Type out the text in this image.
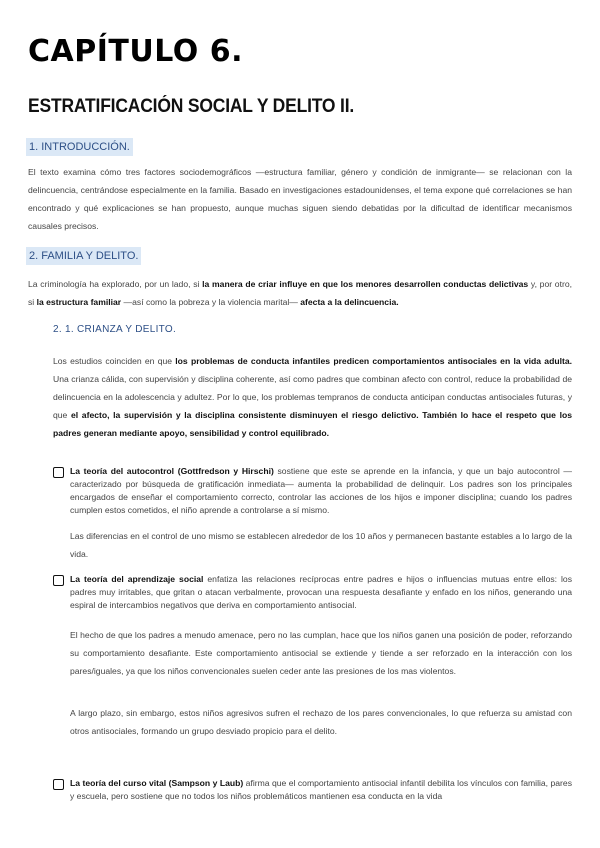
CAPÍTULO 6.
ESTRATIFICACIÓN SOCIAL Y DELITO II.
1. INTRODUCCIÓN.

El texto examina cómo tres factores sociodemográficos —estructura familiar, género y condición de inmigrante— se relacionan con la delincuencia, centrándose especialmente en la familia. Basado en investigaciones estadounidenses, el tema expone qué correlaciones se han encontrado y qué explicaciones se han propuesto, aunque muchas siguen siendo debatidas por la dificultad de identificar mecanismos causales precisos.

2. FAMILIA Y DELITO.

La criminología ha explorado, por un lado, si la manera de criar influye en que los menores desarrollen conductas delictivas y, por otro, si la estructura familiar —así como la pobreza y la violencia marital— afecta a la delincuencia.

2. 1. CRIANZA Y DELITO.

Los estudios coinciden en que los problemas de conducta infantiles predicen comportamientos antisociales en la vida adulta. Una crianza cálida, con supervisión y disciplina coherente, así como padres que combinan afecto con control, reduce la probabilidad de delincuencia en la adolescencia y adultez. Por lo que, los problemas tempranos de conducta anticipan conductas antisociales futuras, y que el afecto, la supervisión y la disciplina consistente disminuyen el riesgo delictivo. También lo hace el respeto que los padres generan mediante apoyo, sensibilidad y control equilibrado.

La teoría del autocontrol (Gottfredson y Hirschi) sostiene que este se aprende en la infancia, y que un bajo autocontrol —caracterizado por búsqueda de gratificación inmediata— aumenta la probabilidad de delinquir. Los padres son los principales encargados de enseñar el comportamiento correcto, controlar las acciones de los hijos e imponer disciplina; cuando los padres cumplen estos cometidos, el niño aprende a controlarse a sí mismo.

Las diferencias en el control de uno mismo se establecen alrededor de los 10 años y permanecen bastante estables a lo largo de la vida.

La teoría del aprendizaje social enfatiza las relaciones recíprocas entre padres e hijos o influencias mutuas entre ellos: los padres muy irritables, que gritan o atacan verbalmente, provocan una respuesta desafiante y enfado en los niños, generando una espiral de intercambios negativos que deriva en comportamiento antisocial.

El hecho de que los padres a menudo amenace, pero no las cumplan, hace que los niños ganen una posición de poder, reforzando su comportamiento desafiante. Este comportamiento antisocial se extiende y tiende a ser reforzado en la interacción con los pares/iguales, ya que los niños convencionales suelen ceder ante las presiones de los mas violentos.

A largo plazo, sin embargo, estos niños agresivos sufren el rechazo de los pares convencionales, lo que refuerza su amistad con otros antisociales, formando un grupo desviado propicio para el delito.

La teoría del curso vital (Sampson y Laub) afirma que el comportamiento antisocial infantil debilita los vínculos con familia, pares y escuela, pero sostiene que no todos los niños problemáticos mantienen esa conducta en la vida
